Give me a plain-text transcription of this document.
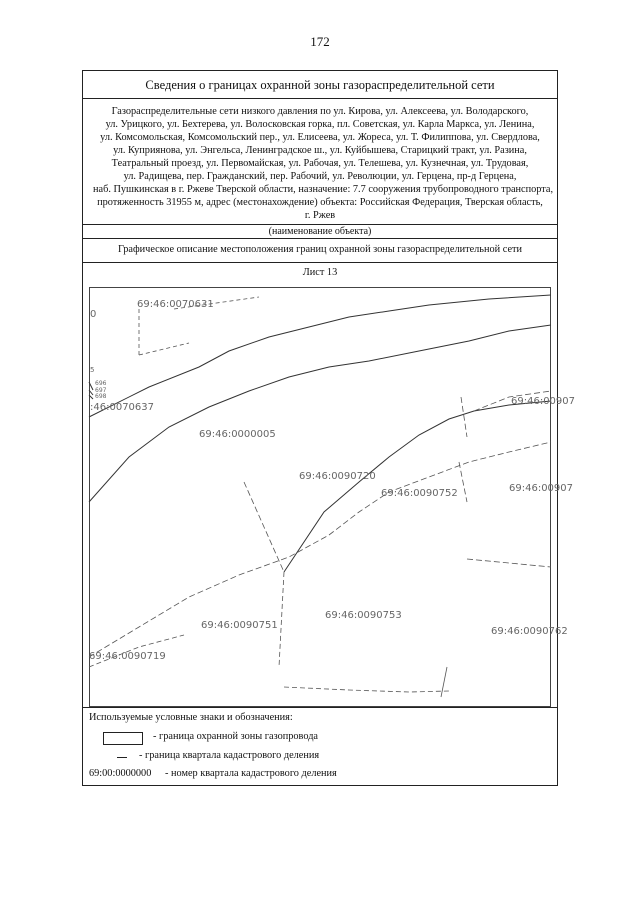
172
Сведения о границах охранной зоны газораспределительной сети
Газораспределительные сети низкого давления по ул. Кирова, ул. Алексеева, ул. Володарского,
ул. Урицкого, ул. Бехтерева, ул. Волосковская горка, пл. Советская, ул. Карла Маркса, ул. Ленина,
ул. Комсомольская, Комсомольский пер., ул. Елисеева, ул. Жореса, ул. Т. Филиппова, ул. Свердлова,
ул. Куприянова, ул. Энгельса, Ленинградское ш., ул. Куйбышева, Старицкий тракт, ул. Разина,
Театральный проезд, ул. Первомайская, ул. Рабочая, ул. Телешева, ул. Кузнечная, ул. Трудовая,
ул. Радищева, пер. Гражданский, пер. Рабочий, ул. Революции, ул. Герцена, пр-д Герцена,
наб. Пушкинская в г. Ржеве Тверской области, назначение: 7.7 сооружения трубопроводного транспорта,
протяженность 31955 м, адрес (местонахождение) объекта: Российская Федерация, Тверская область,
г. Ржев
(наименование объекта)
Графическое описание местоположения границ охранной зоны газораспределительной сети
Лист 13
69:46:0070631
0
5
696
697
698
:46:0070637
69:46:0000005
69:46:0090720
69:46:0090752
69:46:00907
69:46:00907
69:46:0090751
69:46:0090753
69:46:0090762
69:46:0090719
Используемые условные знаки и обозначения:
- граница охранной зоны газопровода
- граница квартала кадастрового деления
69:00:0000000 - номер квартала кадастрового деления
